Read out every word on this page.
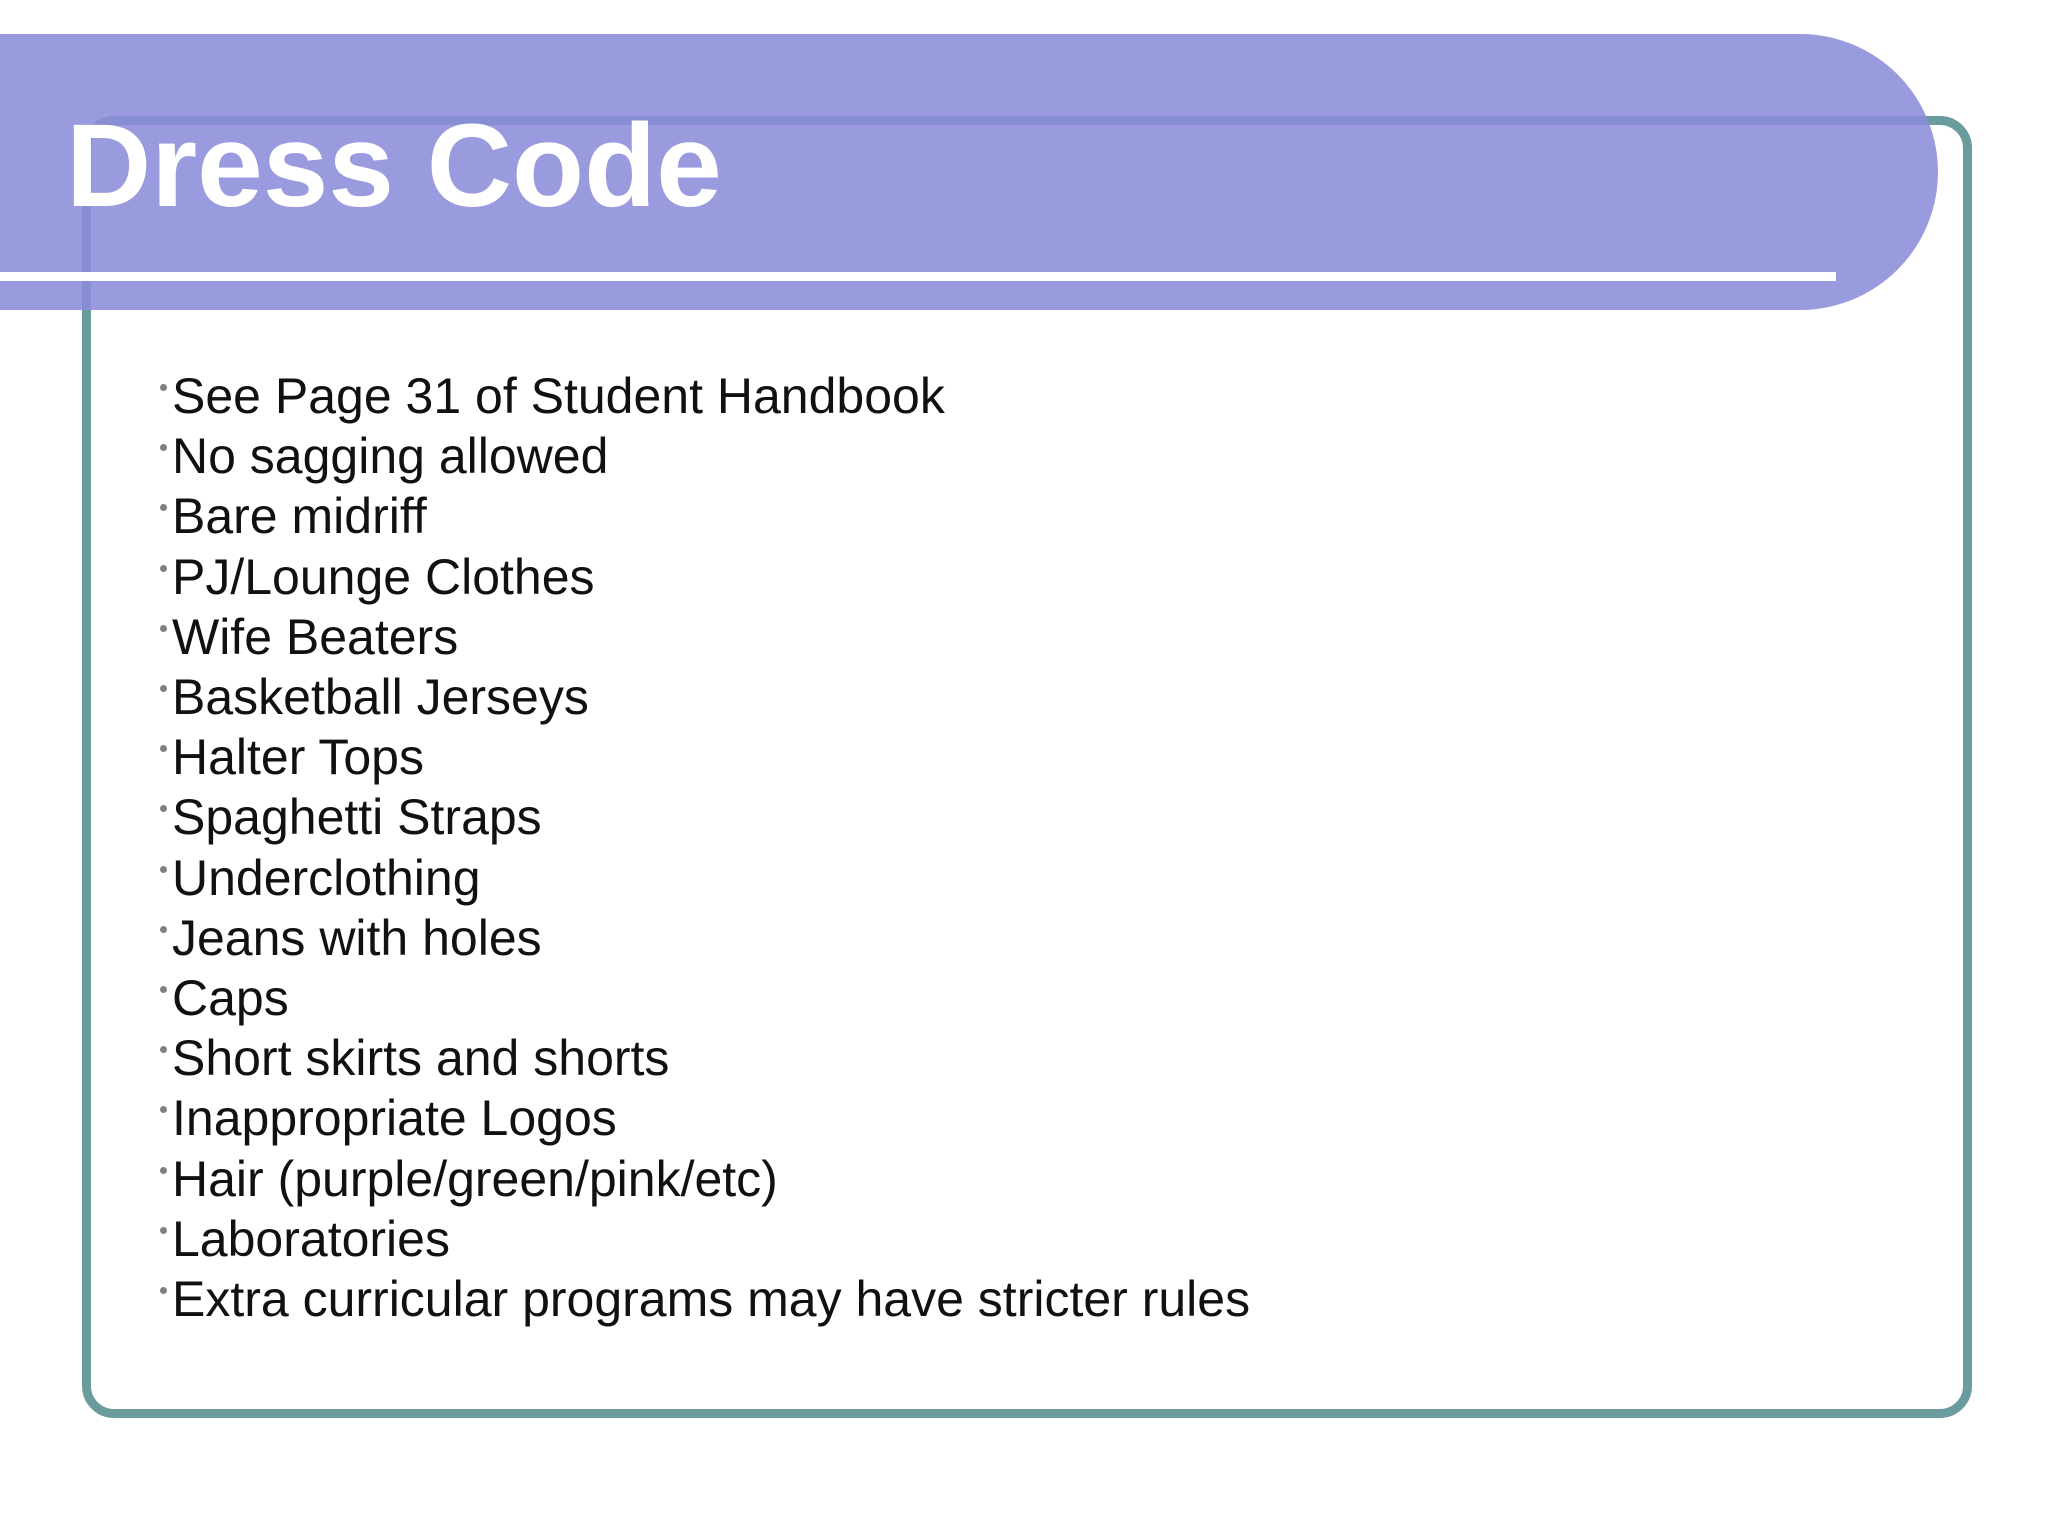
Dress Code
See Page 31 of Student Handbook
No sagging allowed
Bare midriff
PJ/Lounge Clothes
Wife Beaters
Basketball Jerseys
Halter Tops
Spaghetti Straps
Underclothing
Jeans with holes
Caps
Short skirts and shorts
Inappropriate Logos
Hair (purple/green/pink/etc)
Laboratories
Extra curricular programs may have stricter rules
